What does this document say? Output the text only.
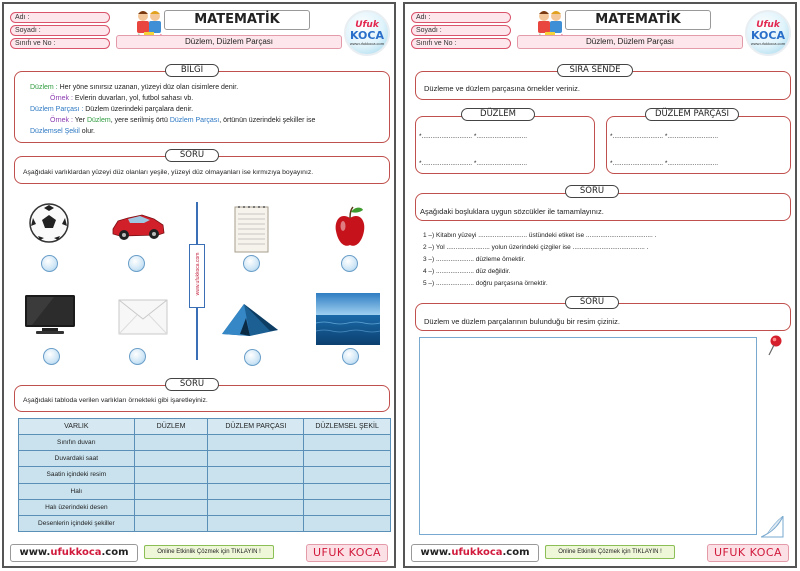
Adı :
Soyadı :
Sınıfı ve No :
MATEMATİK
Düzlem, Düzlem Parçası
Ufuk
KOCA
www.ufukkoca.com
BİLGİ
Düzlem : Her yöne sınırsız uzanan, yüzeyi düz olan cisimlere denir.
Örnek : Evlerin duvarları, yol, futbol sahası vb.
Düzlem Parçası : Düzlem üzerindeki parçalara denir.
Örnek : Yer Düzlem, yere serilmiş örtü Düzlem Parçası, örtünün üzerindeki şekiller ise
Düzlemsel Şekil olur.
SORU
Aşağıdaki varlıklardan yüzeyi düz olanları yeşile, yüzeyi düz olmayanları ise kırmızıya boyayınız.
www.ufukkoca.com
SORU
Aşağıdaki tabloda verilen varlıkları örnekteki gibi işaretleyiniz.
VARLIK	DÜZLEM	DÜZLEM PARÇASI	DÜZLEMSEL ŞEKİL
Sınıfın duvarı			
Duvardaki saat			
Saatin içindeki resim			
Halı			
Halı üzerindeki desen			
Desenlerin içindeki şekiller			
www.ufukkoca.com	Online Etkinlik Çözmek için TIKLAYIN !	UFUK KOCA
Adı :
Soyadı :
Sınıfı ve No :
MATEMATİK
Düzlem, Düzlem Parçası
Ufuk
KOCA
www.ufukkoca.com
SIRA SENDE
Düzleme ve düzlem parçasına örnekler veriniz.
DÜZLEM
*............................ *............................
*............................ *............................
DÜZLEM PARÇASI
*............................ *............................
*............................ *............................
SORU
Aşağıdaki boşluklara uygun sözcükler ile tamamlayınız.
1 –) Kitabın yüzeyi ........................... üstündeki etiket ise ..................................... .
2 –) Yol ........................ yolun üzerindeki çizgiler ise ........................................ .
3 –) ..................... düzleme örnektir.
4 –) ..................... düz değildir.
5 –) ..................... doğru parçasına örnektir.
SORU
Düzlem ve düzlem parçalarının bulunduğu bir resim çiziniz.
www.ufukkoca.com	Online Etkinlik Çözmek için TIKLAYIN !	UFUK KOCA
